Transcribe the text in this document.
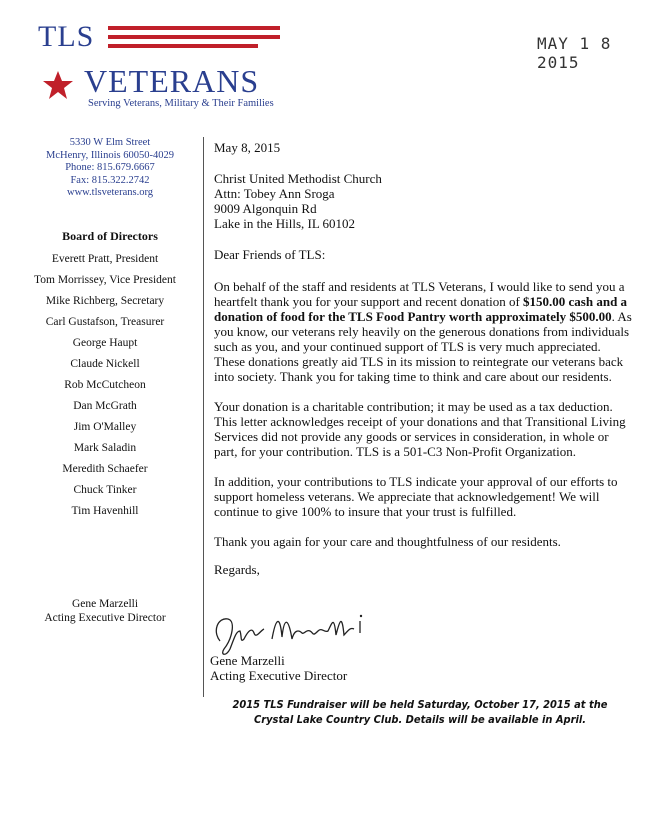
TLS
VETERANS
Serving Veterans, Military & Their Families
MAY 1 8 2015
5330 W Elm Street
McHenry, Illinois 60050-4029
Phone: 815.679.6667
Fax: 815.322.2742
www.tlsveterans.org
Board of Directors
Everett Pratt, President
Tom Morrissey, Vice President
Mike Richberg, Secretary
Carl Gustafson, Treasurer
George Haupt
Claude Nickell
Rob McCutcheon
Dan McGrath
Jim O'Malley
Mark Saladin
Meredith Schaefer
Chuck Tinker
Tim Havenhill
Gene Marzelli
Acting Executive Director

May 8, 2015

Christ United Methodist Church
Attn: Tobey Ann Sroga
9009 Algonquin Rd
Lake in the Hills, IL 60102

Dear Friends of TLS:

On behalf of the staff and residents at TLS Veterans, I would like to send you a heartfelt thank you for your support and recent donation of $150.00 cash and a donation of food for the TLS Food Pantry worth approximately $500.00. As you know, our veterans rely heavily on the generous donations from individuals such as you, and your continued support of TLS is very much appreciated. These donations greatly aid TLS in its mission to reintegrate our veterans back into society. Thank you for taking time to think and care about our residents.

Your donation is a charitable contribution; it may be used as a tax deduction. This letter acknowledges receipt of your donations and that Transitional Living Services did not provide any goods or services in consideration, in whole or part, for your contribution. TLS is a 501-C3 Non-Profit Organization.

In addition, your contributions to TLS indicate your approval of our efforts to support homeless veterans. We appreciate that acknowledgement! We will continue to give 100% to insure that your trust is fulfilled.

Thank you again for your care and thoughtfulness of our residents.

Regards,

Gene Marzelli
Acting Executive Director
2015 TLS Fundraiser will be held Saturday, October 17, 2015 at the
Crystal Lake Country Club. Details will be available in April.
